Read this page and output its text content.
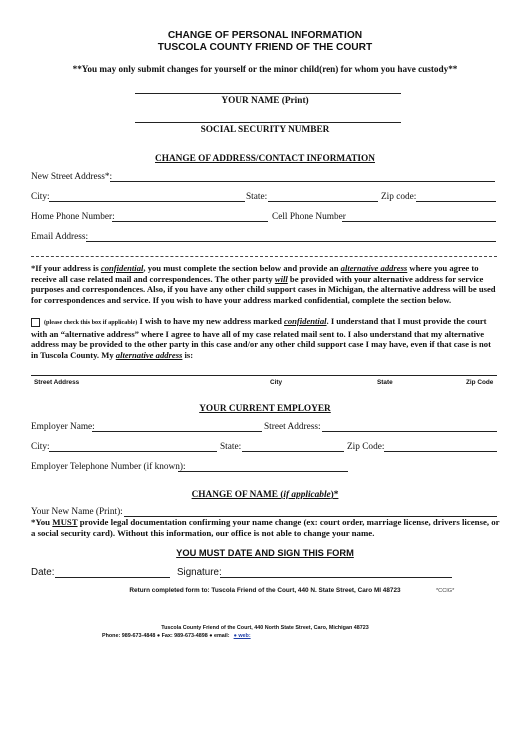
CHANGE OF PERSONAL INFORMATION
TUSCOLA COUNTY FRIEND OF THE COURT
**You may only submit changes for yourself or the minor child(ren) for whom you have custody**
YOUR NAME (Print)
SOCIAL SECURITY NUMBER
CHANGE OF ADDRESS/CONTACT INFORMATION
New Street Address*:
City:	State:	Zip code:
Home Phone Number:	Cell Phone Number
Email Address:
*If your address is confidential, you must complete the section below and provide an alternative address where you agree to receive all case related mail and correspondences. The other party will be provided with your alternative address for service purposes and correspondences. Also, if you have any other child support cases in Michigan, the alternative address will be used for correspondences and service. If you wish to have your address marked confidential, complete the section below.
(please check this box if applicable) I wish to have my new address marked confidential. I understand that I must provide the court with an “alternative address” where I agree to have all of my case related mail sent to. I also understand that my alternative address may be provided to the other party in this case and/or any other child support case I may have, even if that case is not in Tuscola County. My alternative address is:
Street Address	City	State	Zip Code
YOUR CURRENT EMPLOYER
Employer Name:	Street Address:
City:	State:	Zip Code:
Employer Telephone Number (if known):
CHANGE OF NAME (if applicable)*
Your New Name (Print):
*You MUST provide legal documentation confirming your name change (ex: court order, marriage license, drivers license, or a social security card). Without this information, our office is not able to change your name.
YOU MUST DATE AND SIGN THIS FORM
Date:	Signature:
Return completed form to: Tuscola Friend of the Court, 440 N. State Street, Caro MI 48723	*CCIG*
Tuscola County Friend of the Court, 440 North State Street, Caro, Michigan 48723
Phone: 989-673-4848 ● Fax: 989-673-4898 ● email: ● web:
